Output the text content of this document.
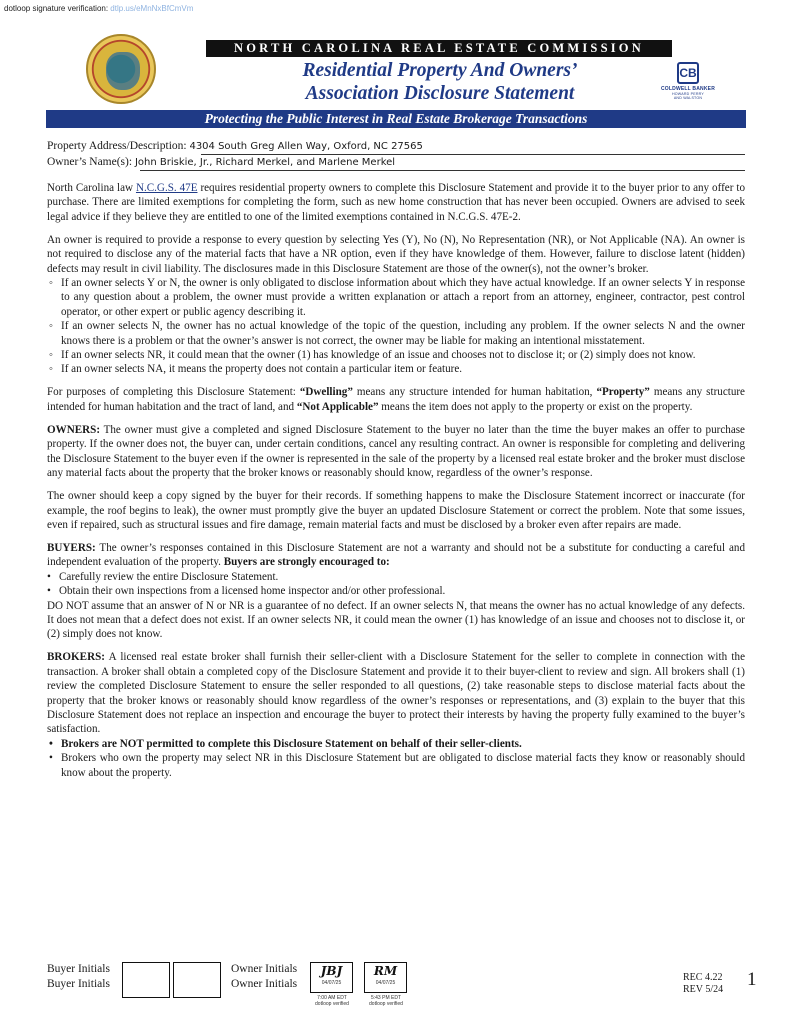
dotloop signature verification: dtlp.us/eMnNxBfCmVm
NORTH CAROLINA REAL ESTATE COMMISSION
Residential Property And Owners’
Association Disclosure Statement
CB
COLDWELL BANKER
HOWARD PERRY
AND WALSTON
Protecting the Public Interest in Real Estate Brokerage Transactions
Property Address/Description: 4304 South Greg Allen Way, Oxford, NC 27565
Owner’s Name(s): John Briskie, Jr., Richard Merkel, and Marlene Merkel

North Carolina law N.C.G.S. 47E requires residential property owners to complete this Disclosure Statement and provide it to the buyer prior to any offer to purchase. There are limited exemptions for completing the form, such as new home construction that has never been occupied. Owners are advised to seek legal advice if they believe they are entitled to one of the limited exemptions contained in N.C.G.S. 47E-2.

An owner is required to provide a response to every question by selecting Yes (Y), No (N), No Representation (NR), or Not Applicable (NA). An owner is not required to disclose any of the material facts that have a NR option, even if they have knowledge of them. However, failure to disclose latent (hidden) defects may result in civil liability. The disclosures made in this Disclosure Statement are those of the owner(s), not the owner’s broker.

◦ If an owner selects Y or N, the owner is only obligated to disclose information about which they have actual knowledge. If an owner selects Y in response to any question about a problem, the owner must provide a written explanation or attach a report from an attorney, engineer, contractor, pest control operator, or other expert or public agency describing it.
◦ If an owner selects N, the owner has no actual knowledge of the topic of the question, including any problem. If the owner selects N and the owner knows there is a problem or that the owner’s answer is not correct, the owner may be liable for making an intentional misstatement.
◦ If an owner selects NR, it could mean that the owner (1) has knowledge of an issue and chooses not to disclose it; or (2) simply does not know.
◦ If an owner selects NA, it means the property does not contain a particular item or feature.

For purposes of completing this Disclosure Statement: “Dwelling” means any structure intended for human habitation, “Property” means any structure intended for human habitation and the tract of land, and “Not Applicable” means the item does not apply to the property or exist on the property.

OWNERS: The owner must give a completed and signed Disclosure Statement to the buyer no later than the time the buyer makes an offer to purchase property. If the owner does not, the buyer can, under certain conditions, cancel any resulting contract. An owner is responsible for completing and delivering the Disclosure Statement to the buyer even if the owner is represented in the sale of the property by a licensed real estate broker and the broker must disclose any material facts about the property that the broker knows or reasonably should know, regardless of the owner’s response.

The owner should keep a copy signed by the buyer for their records. If something happens to make the Disclosure Statement incorrect or inaccurate (for example, the roof begins to leak), the owner must promptly give the buyer an updated Disclosure Statement or correct the problem. Note that some issues, even if repaired, such as structural issues and fire damage, remain material facts and must be disclosed by a broker even after repairs are made.

BUYERS: The owner’s responses contained in this Disclosure Statement are not a warranty and should not be a substitute for conducting a careful and independent evaluation of the property. Buyers are strongly encouraged to:

• Carefully review the entire Disclosure Statement.
• Obtain their own inspections from a licensed home inspector and/or other professional.

DO NOT assume that an answer of N or NR is a guarantee of no defect. If an owner selects N, that means the owner has no actual knowledge of any defects. It does not mean that a defect does not exist. If an owner selects NR, it could mean the owner (1) has knowledge of an issue and chooses not to disclose it, or (2) simply does not know.

BROKERS: A licensed real estate broker shall furnish their seller-client with a Disclosure Statement for the seller to complete in connection with the transaction. A broker shall obtain a completed copy of the Disclosure Statement and provide it to their buyer-client to review and sign. All brokers shall (1) review the completed Disclosure Statement to ensure the seller responded to all questions, (2) take reasonable steps to disclose material facts about the property that the broker knows or reasonably should know regardless of the owner’s responses or representations, and (3) explain to the buyer that this Disclosure Statement does not replace an inspection and encourage the buyer to protect their interests by having the property fully examined to the buyer’s satisfaction.

• Brokers are NOT permitted to complete this Disclosure Statement on behalf of their seller-clients.
• Brokers who own the property may select NR in this Disclosure Statement but are obligated to disclose material facts they know or reasonably should know about the property.
Buyer Initials
Buyer Initials
Owner Initials
Owner Initials
JBJ
04/07/25
7:00 AM EDT
dotloop verified
RM
04/07/25
5:43 PM EDT
dotloop verified
REC 4.22
REV 5/24 1
